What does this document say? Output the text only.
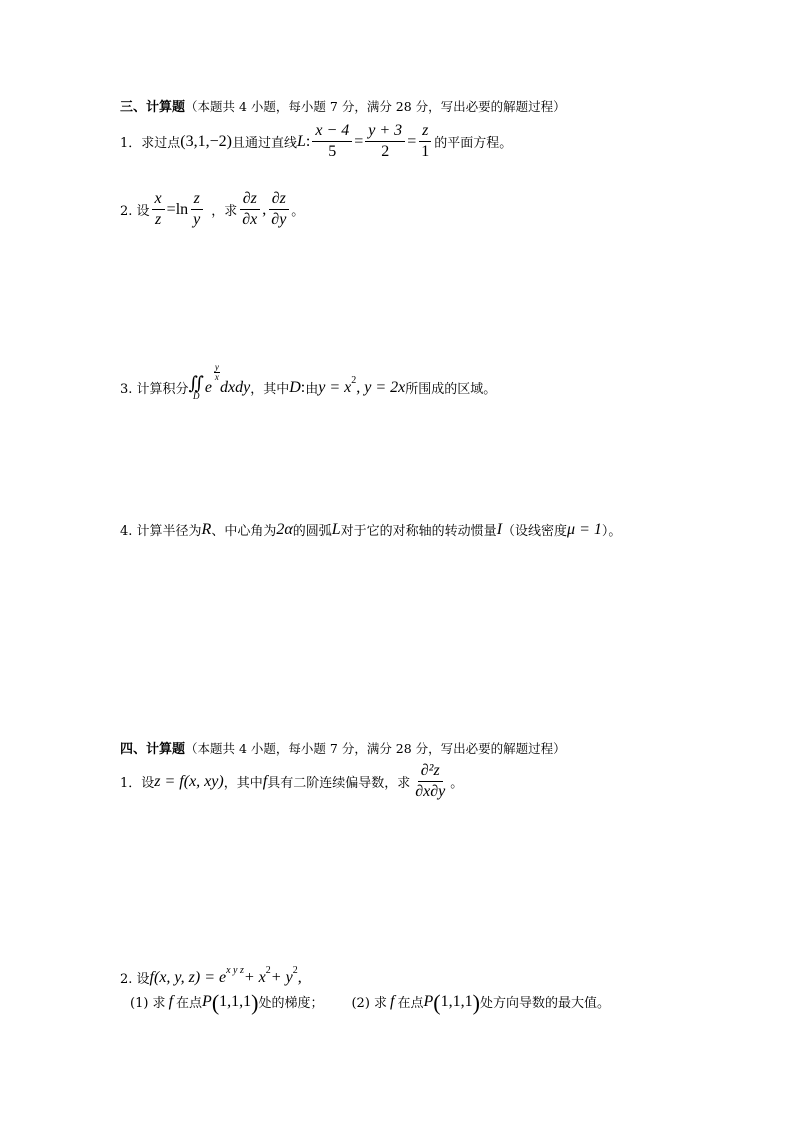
三、计算题 （本题共 4 小题，每小题 7 分，满分 28 分，写出必要的解题过程）
1．求过点 (3,1,−2) 且通过直线 L : $\frac{x - 4}{5} = \frac{y + 3}{2} = \frac{z}{1}$ 的平面方程。
2. 设 $\frac{x}{z} = \ln \frac{z}{y}$ ，求 $\frac{\partial z}{\partial x}$ , $\frac{\partial z}{\partial y}$ 。
3. 计算积分 ∬
D
e
y
x
dxdy ，其中 D : 由 y = x 2 , y = 2x 所围成的区域。
4. 计算半径为 R 、中心角为 2α 的圆弧 L 对于它的对称轴的转动惯量 I （设线密度 μ = 1 ）。
四、计算题 （本题共 4 小题，每小题 7 分，满分 28 分，写出必要的解题过程）
1．设 z = f(x, xy) ，其中 f 具有二阶连续偏导数，求 $\frac{\text{∂²z}}{\partial x\partial y}$ 。
2. 设 f(x, y, z) = e x y z + x 2 + y 2 ,
(1) 求 f 在点 P ( 1,1,1 ) 处的梯度； (2) 求 f 在点 P ( 1,1,1 ) 处方向导数的最大值。
